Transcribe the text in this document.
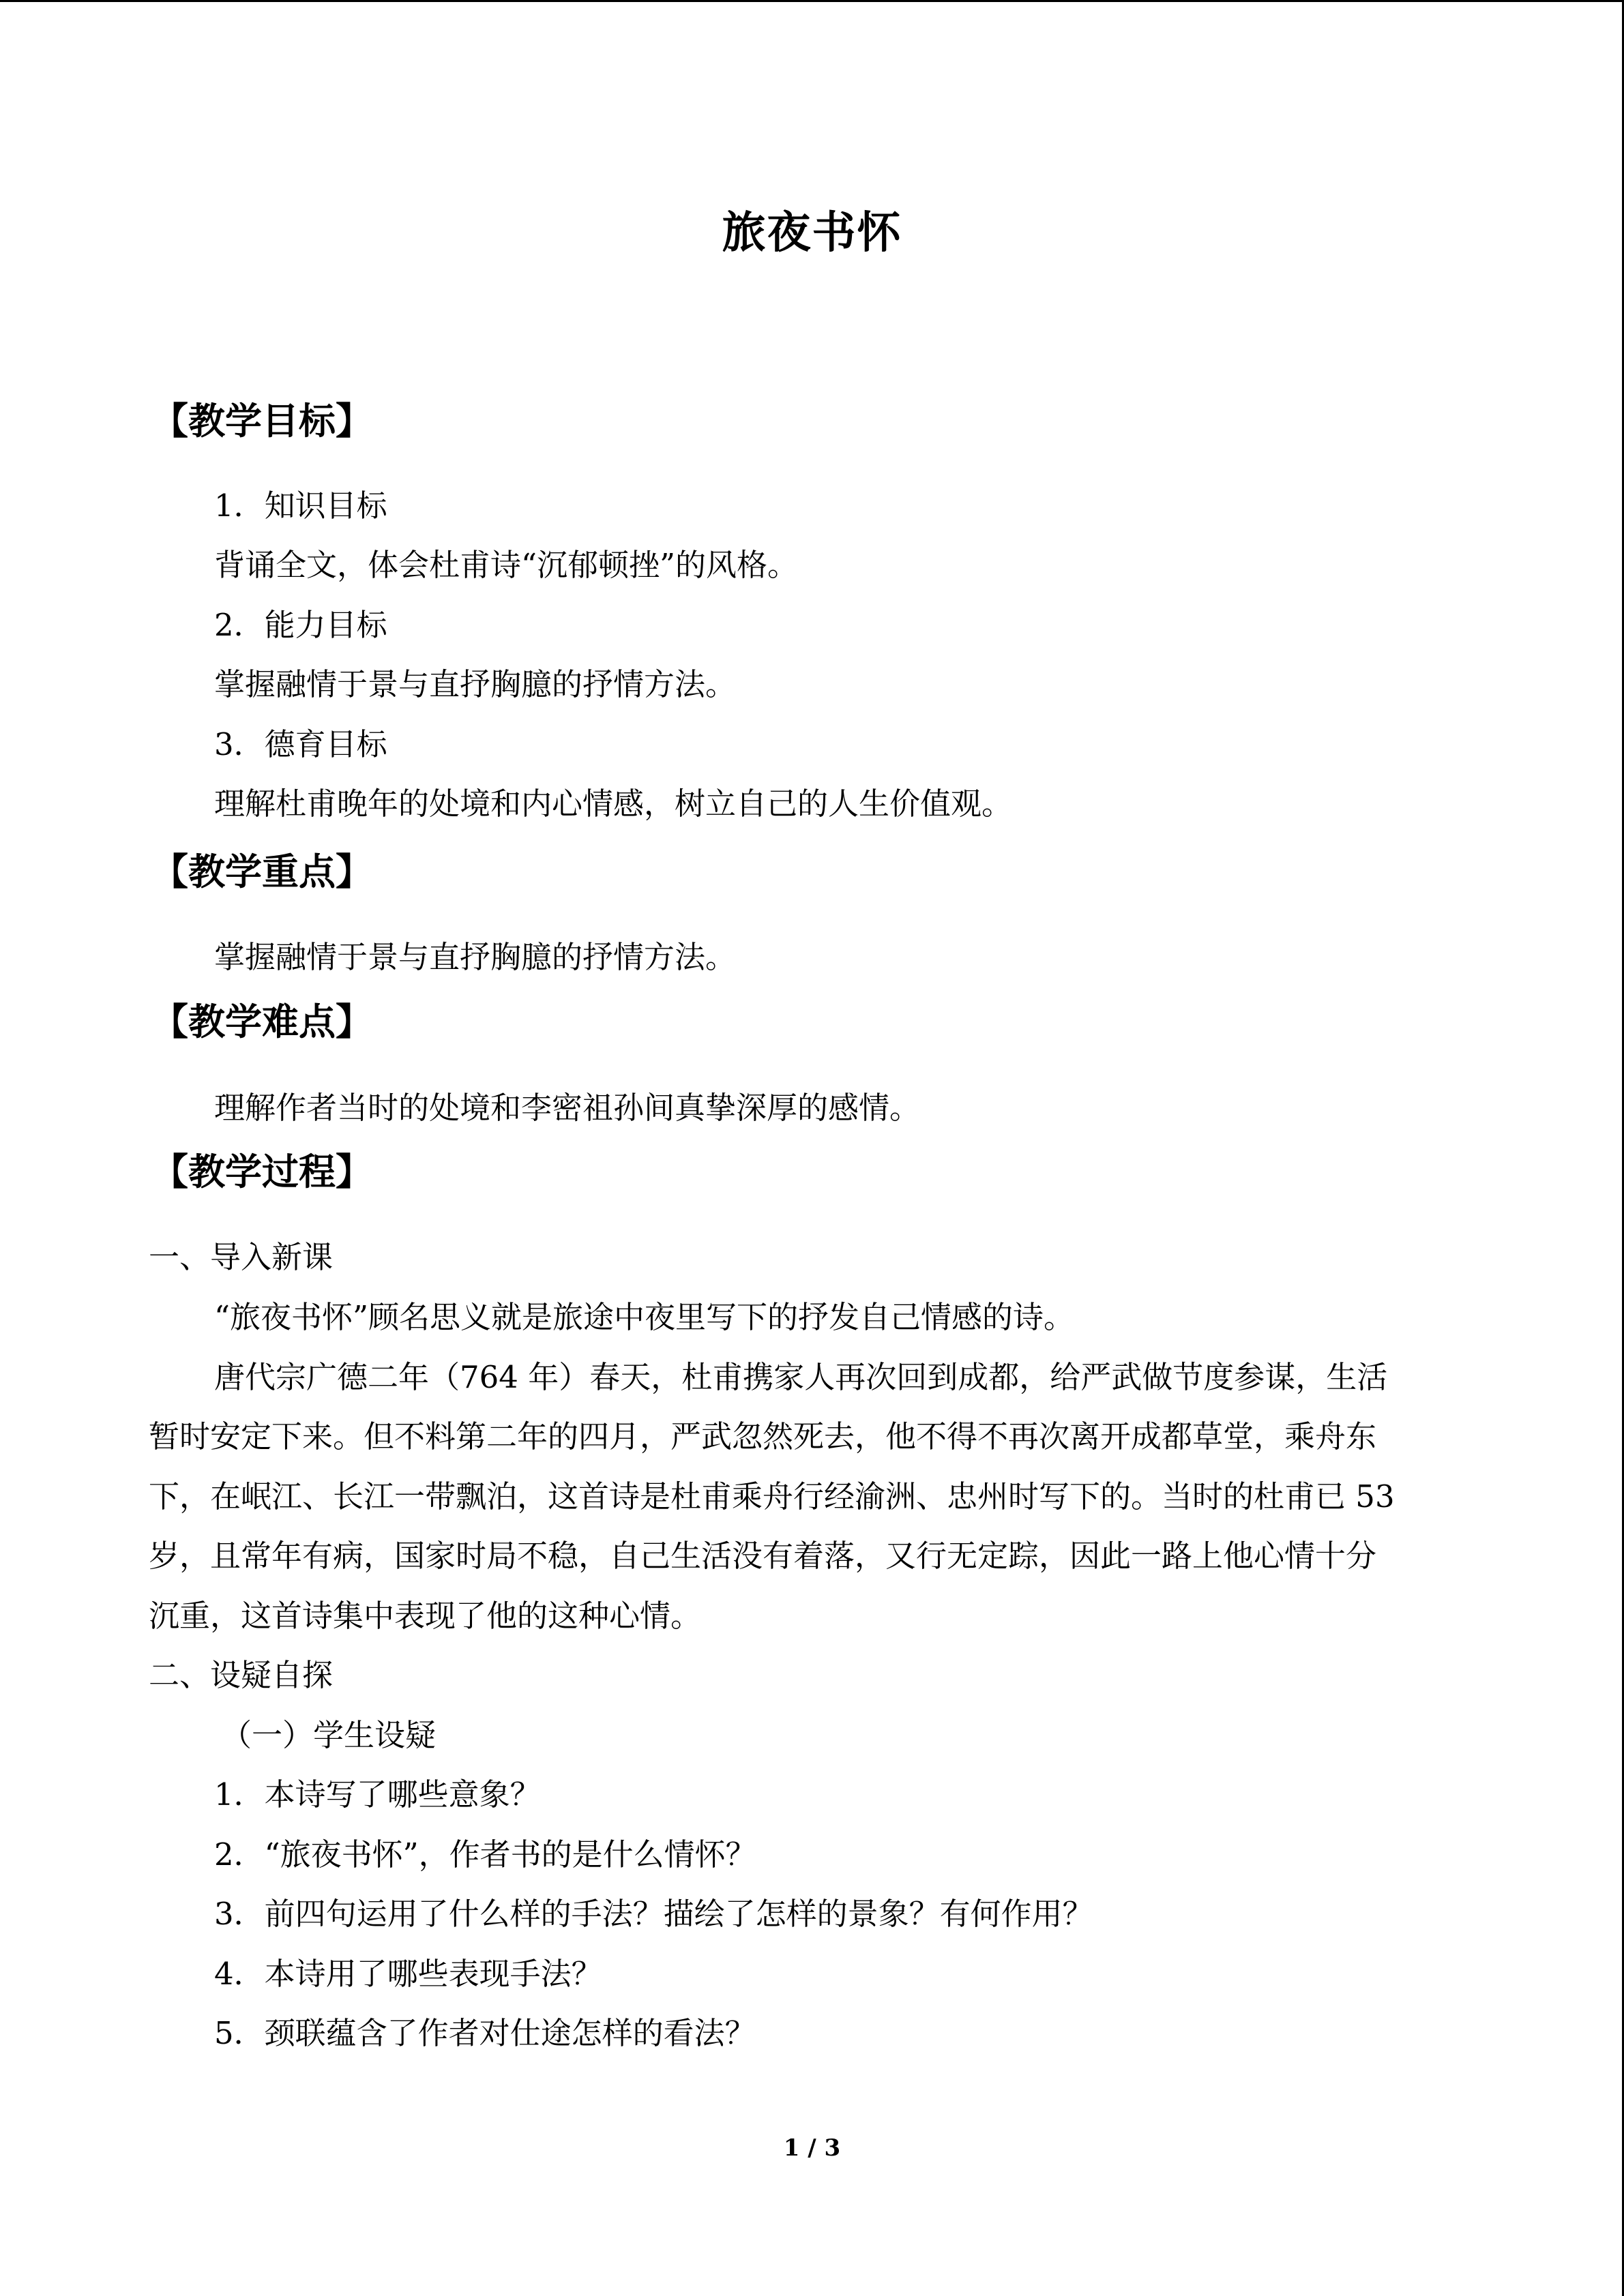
旅夜书怀
【教学目标】
1．知识目标
背诵全文，体会杜甫诗“沉郁顿挫”的风格。
2．能力目标
掌握融情于景与直抒胸臆的抒情方法。
3．德育目标
理解杜甫晚年的处境和内心情感，树立自己的人生价值观。
【教学重点】
掌握融情于景与直抒胸臆的抒情方法。
【教学难点】
理解作者当时的处境和李密祖孙间真挚深厚的感情。
【教学过程】
一、导入新课
“旅夜书怀”顾名思义就是旅途中夜里写下的抒发自己情感的诗。
唐代宗广德二年（764 年）春天，杜甫携家人再次回到成都，给严武做节度参谋，生活
暂时安定下来。但不料第二年的四月，严武忽然死去，他不得不再次离开成都草堂，乘舟东
下，在岷江、长江一带飘泊，这首诗是杜甫乘舟行经渝洲、忠州时写下的。当时的杜甫已 53
岁，且常年有病，国家时局不稳，自己生活没有着落，又行无定踪，因此一路上他心情十分
沉重，这首诗集中表现了他的这种心情。
二、设疑自探
（一）学生设疑
1．本诗写了哪些意象？
2．“旅夜书怀”，作者书的是什么情怀？
3．前四句运用了什么样的手法？描绘了怎样的景象？有何作用？
4．本诗用了哪些表现手法？
5．颈联蕴含了作者对仕途怎样的看法？
1 / 3
